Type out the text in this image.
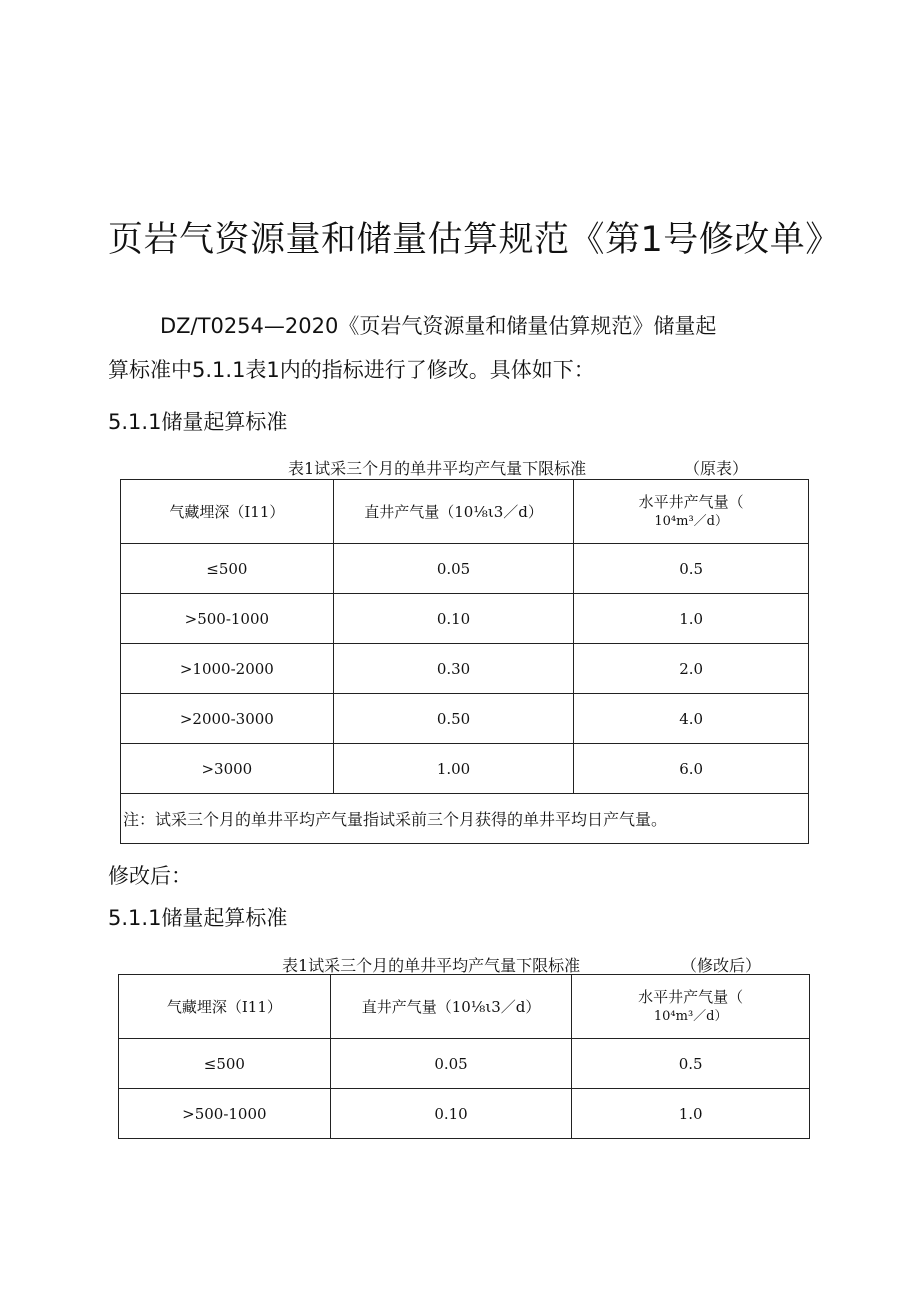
页岩气资源量和储量估算规范《第1号修改单》
DZ/T0254—2020《页岩气资源量和储量估算规范》储量起
算标准中5.1.1表1内的指标进行了修改。具体如下：
5.1.1储量起算标准
表1试采三个月的单井平均产气量下限标准	（原表）
气藏埋深（I11）	直井产气量（10⅛ι3／d）	水平井产气量（
10⁴m³／d）

≤500	0.05	0.5
>500-1000	0.10	1.0
>1000-2000	0.30	2.0
>2000-3000	0.50	4.0
>3000	1.00	6.0
注：试采三个月的单井平均产气量指试采前三个月获得的单井平均日产气量。		
修改后：
5.1.1储量起算标准
表1试采三个月的单井平均产气量下限标准	（修改后）
气藏埋深（I11）	直井产气量（10⅛ι3／d）	水平井产气量（
10⁴m³／d）

≤500	0.05	0.5
>500-1000	0.10	1.0
